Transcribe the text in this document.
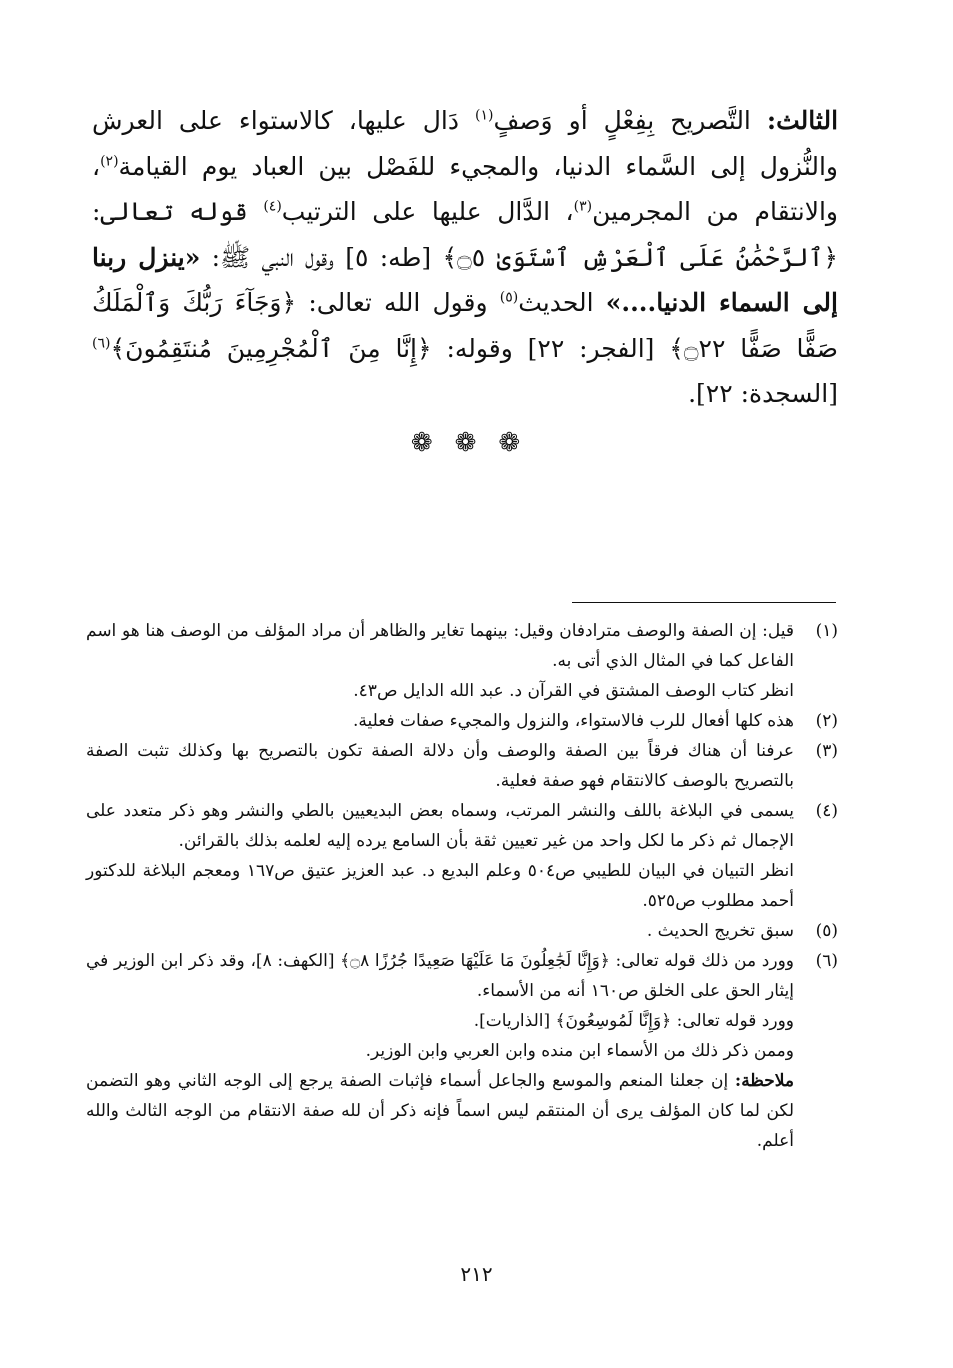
الثالث: التَّصريح بِفِعْلٍ أو وَصفٍ$^{(١)}$ دَال عليها، كالاستواء على العرش والنُّزول إلى السَّماء الدنيا، والمجيء للفَصْل بين العباد يوم القيامة$^{(٢)}$، والانتقام من المجرمين$^{(٣)}$، الدَّال عليها على الترتيب$^{(٤)}$ قوله تعالى: ﴿ٱلرَّحْمَٰنُ عَلَى ٱلْعَرْشِ ٱسْتَوَىٰ ۝٥﴾ [طه: ٥] وقول النبي ﷺ: «ينزل ربنا إلى السماء الدنيا....» الحديث$^{(٥)}$ وقول الله تعالى: ﴿وَجَآءَ رَبُّكَ وَٱلْمَلَكُ صَفًّا صَفًّا ۝٢٢﴾ [الفجر: ٢٢] وقوله: ﴿إِنَّا مِنَ ٱلْمُجْرِمِينَ مُنتَقِمُونَ﴾$^{(٦)}$ [السجدة: ٢٢].

❁❁❁
(١)
قيل: إن الصفة والوصف مترادفان وقيل: بينهما تغاير والظاهر أن مراد المؤلف من الوصف هنا هو اسم الفاعل كما في المثال الذي أتى به.
انظر كتاب الوصف المشتق في القرآن د. عبد الله الدايل ص٤٣.
(٢)
هذه كلها أفعال للرب فالاستواء، والنزول والمجيء صفات فعلية.
(٣)
عرفنا أن هناك فرقاً بين الصفة والوصف وأن دلالة الصفة تكون بالتصريح بها وكذلك تثبت الصفة بالتصريح بالوصف كالانتقام فهو صفة فعلية.
(٤)
يسمى في البلاغة باللف والنشر المرتب، وسماه بعض البديعيين بالطي والنشر وهو ذكر متعدد على الإجمال ثم ذكر ما لكل واحد من غير تعيين ثقة بأن السامع يرده إليه لعلمه بذلك بالقرائن.
انظر التبيان في البيان للطيبي ص٥٠٤ وعلم البديع د. عبد العزيز عتيق ص١٦٧ ومعجم البلاغة للدكتور أحمد مطلوب ص٥٢٥.
(٥)
سبق تخريج الحديث .
(٦)
وورد من ذلك قوله تعالى: ﴿وَإِنَّا لَجَٰعِلُونَ مَا عَلَيْهَا صَعِيدًا جُرُزًا ۝٨﴾ [الكهف: ٨]، وقد ذكر ابن الوزير في إيثار الحق على الخلق ص١٦٠ أنه من الأسماء.
وورد قوله تعالى: ﴿وَإِنَّا لَمُوسِعُونَ﴾ [الذاريات].
وممن ذكر ذلك من الأسماء ابن منده وابن العربي وابن الوزير.
ملاحظة: إن جعلنا المنعم والموسع والجاعل أسماء فإثبات الصفة يرجع إلى الوجه الثاني وهو التضمن لكن لما كان المؤلف يرى أن المنتقم ليس اسماً فإنه ذكر أن لله صفة الانتقام من الوجه الثالث والله أعلم.
٢١٢
